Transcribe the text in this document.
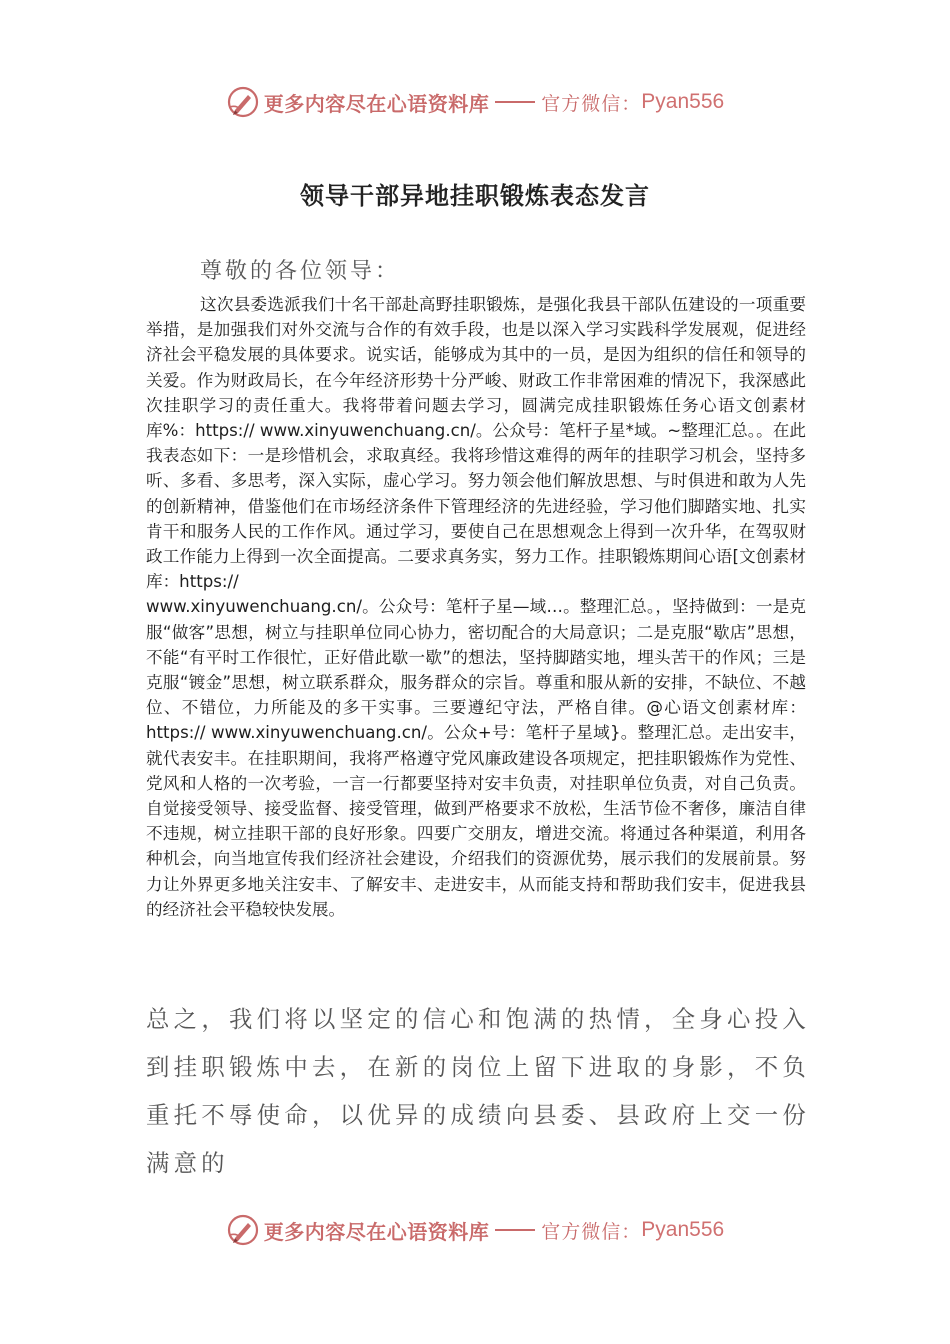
更多内容尽在心语资料库	官方微信： Pyan556
领导干部异地挂职锻炼表态发言
尊敬的各位领导：
这次县委选派我们十名干部赴高野挂职锻炼，是强化我县干部队伍建设的一项重要举措，是加强我们对外交流与合作的有效手段，也是以深入学习实践科学发展观，促进经济社会平稳发展的具体要求。说实话，能够成为其中的一员，是因为组织的信任和领导的关爱。作为财政局长，在今年经济形势十分严峻、财政工作非常困难的情况下，我深感此次挂职学习的责任重大。我将带着问题去学习，圆满完成挂职锻炼任务心语文创素材库%：https:// www.xinyuwenchuang.cn/。公众号：笔杆子星*域。~整理汇总。。在此我表态如下：一是珍惜机会，求取真经。我将珍惜这难得的两年的挂职学习机会，坚持多听、多看、多思考，深入实际，虚心学习。努力领会他们解放思想、与时俱进和敢为人先的创新精神，借鉴他们在市场经济条件下管理经济的先进经验，学习他们脚踏实地、扎实肯干和服务人民的工作作风。通过学习，要使自己在思想观念上得到一次升华，在驾驭财政工作能力上得到一次全面提高。二要求真务实，努力工作。挂职锻炼期间心语[文创素材库：https://
www.xinyuwenchuang.cn/。公众号：笔杆子星—域…。整理汇总。，坚持做到：一是克服“做客”思想，树立与挂职单位同心协力，密切配合的大局意识；二是克服“歇店”思想，不能“有平时工作很忙，正好借此歇一歇”的想法，坚持脚踏实地，埋头苦干的作风；三是克服“镀金”思想，树立联系群众，服务群众的宗旨。尊重和服从新的安排，不缺位、不越位、不错位，力所能及的多干实事。三要遵纪守法，严格自律。@心语文创素材库：https:// www.xinyuwenchuang.cn/。公众+号：笔杆子星域}。整理汇总。走出安丰，就代表安丰。在挂职期间，我将严格遵守党风廉政建设各项规定，把挂职锻炼作为党性、党风和人格的一次考验，一言一行都要坚持对安丰负责，对挂职单位负责，对自己负责。自觉接受领导、接受监督、接受管理，做到严格要求不放松，生活节俭不奢侈，廉洁自律不违规，树立挂职干部的良好形象。四要广交朋友，增进交流。将通过各种渠道，利用各种机会，向当地宣传我们经济社会建设，介绍我们的资源优势，展示我们的发展前景。努力让外界更多地关注安丰、了解安丰、走进安丰，从而能支持和帮助我们安丰，促进我县的经济社会平稳较快发展。
总之，我们将以坚定的信心和饱满的热情，全身心投入到挂职锻炼中去，在新的岗位上留下进取的身影，不负重托不辱使命，以优异的成绩向县委、县政府上交一份满意的
更多内容尽在心语资料库	官方微信： Pyan556
